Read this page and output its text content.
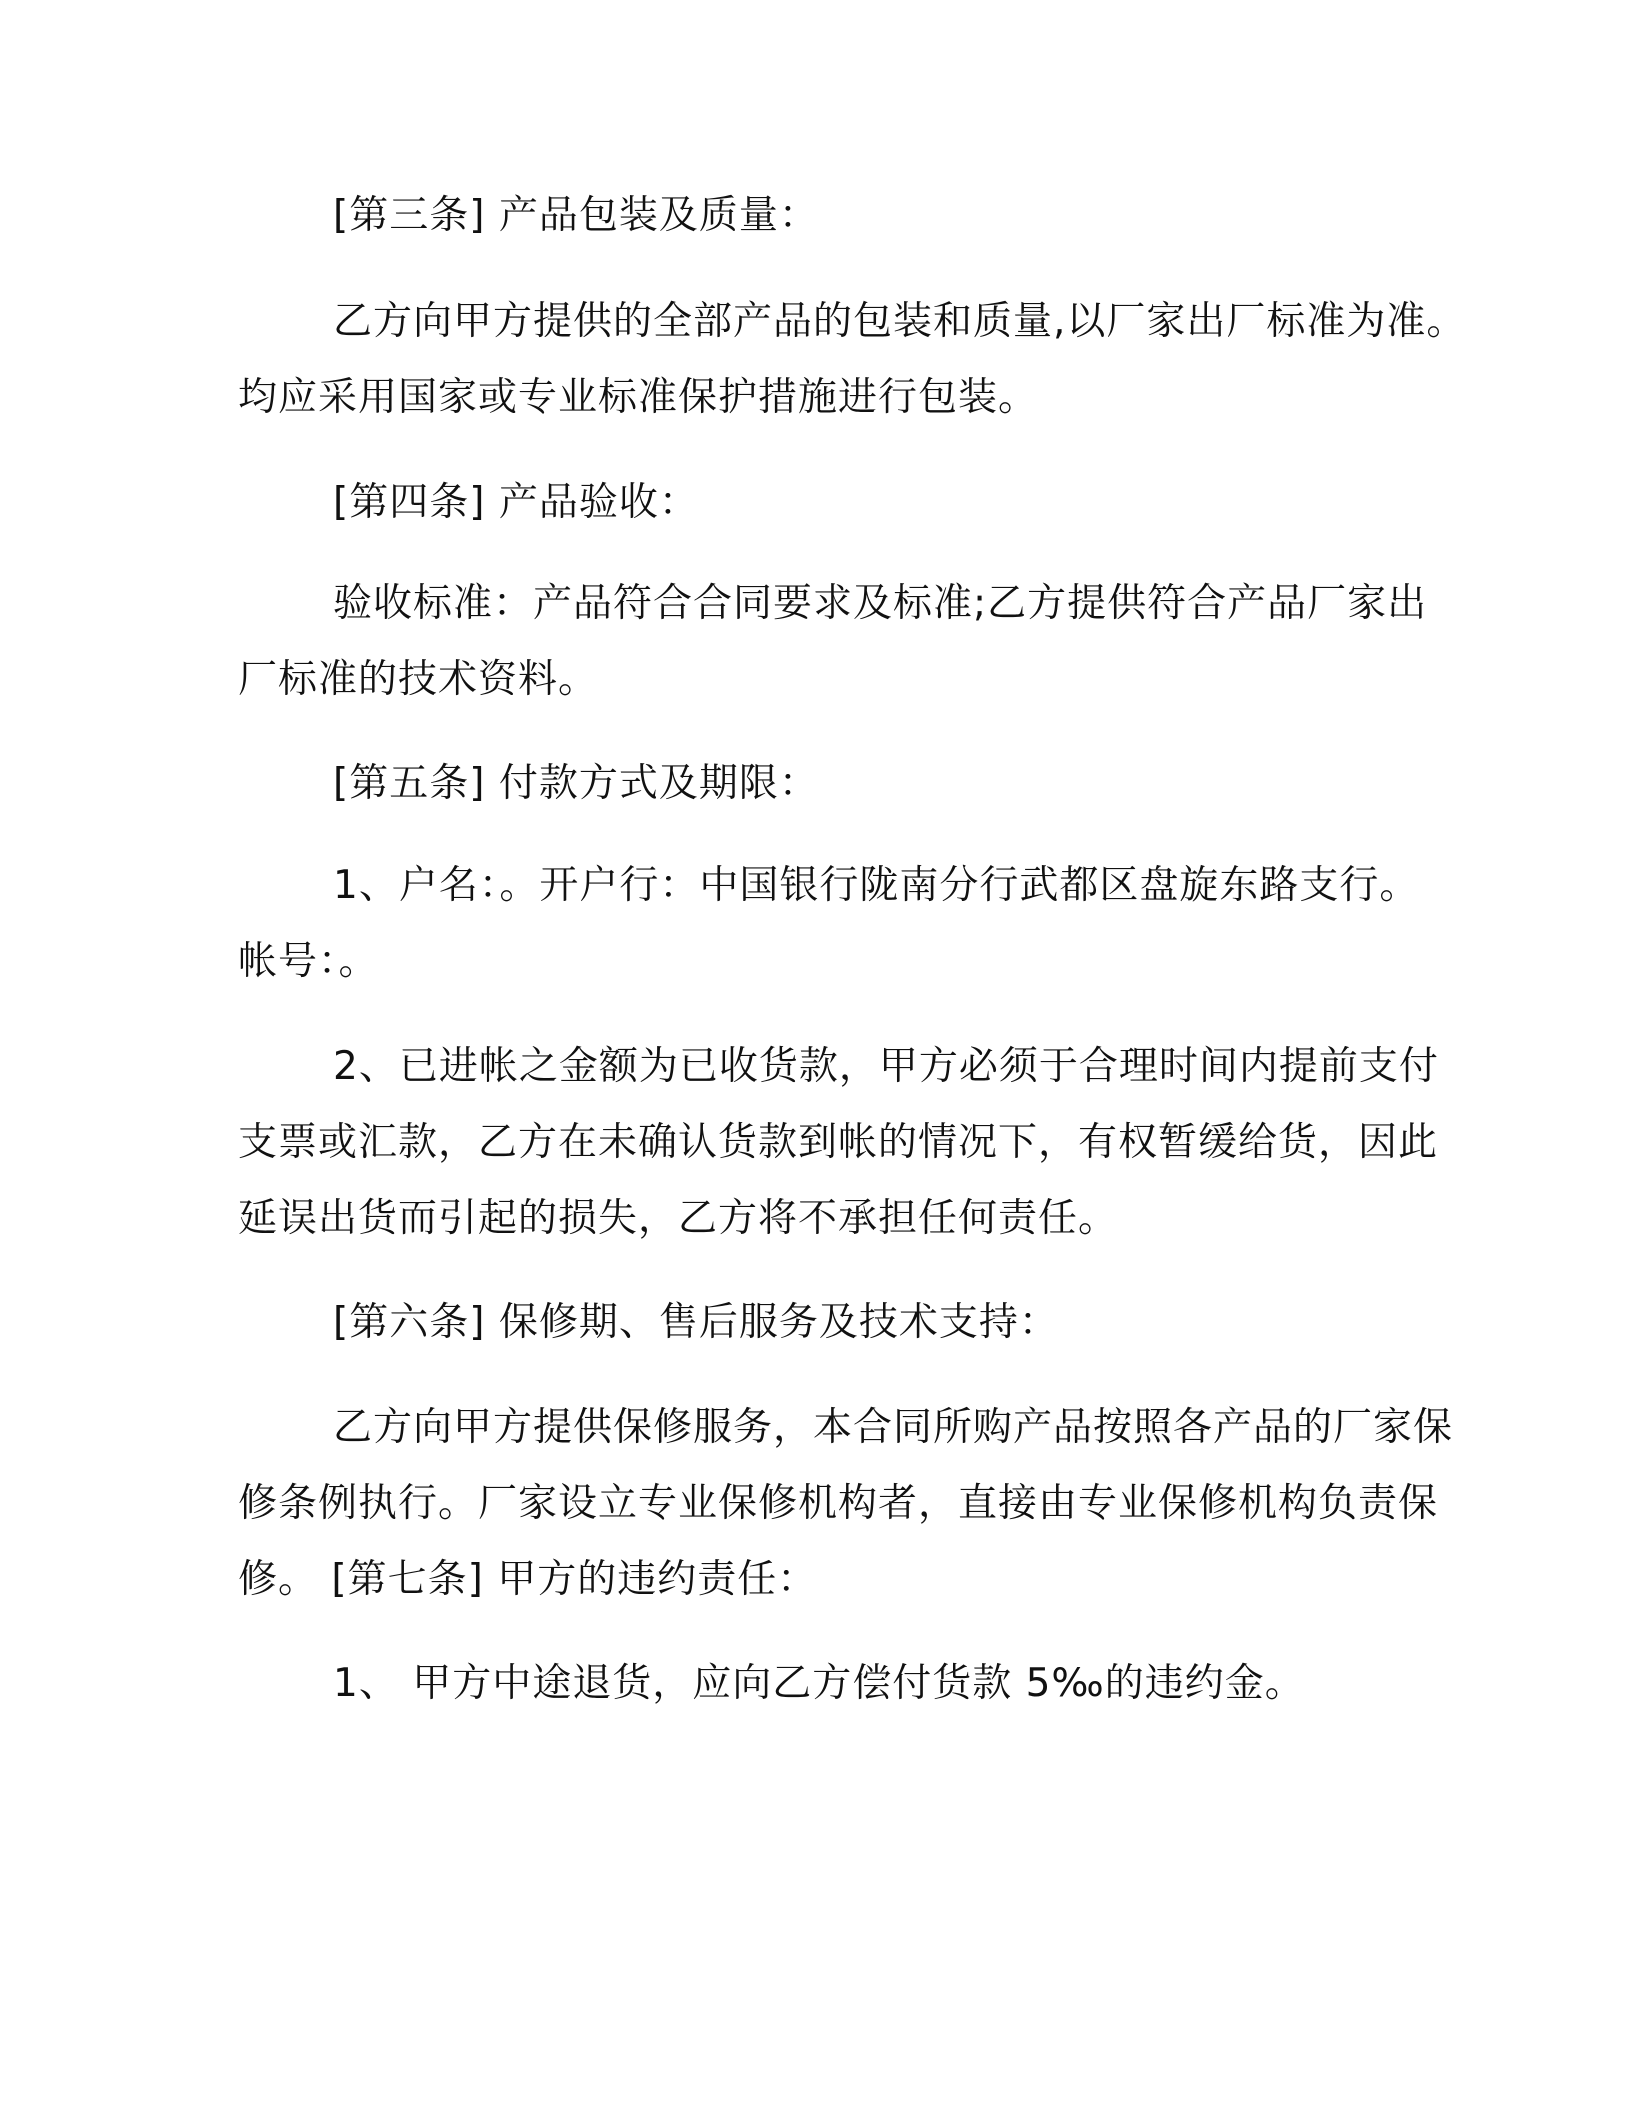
[第三条] 产品包装及质量：
乙方向甲方提供的全部产品的包装和质量,以厂家出厂标准为准。
均应采用国家或专业标准保护措施进行包装。
[第四条] 产品验收：
验收标准：产品符合合同要求及标准;乙方提供符合产品厂家出
厂标准的技术资料。
[第五条] 付款方式及期限：
1、户名：。开户行：中国银行陇南分行武都区盘旋东路支行。
帐号：。
2、已进帐之金额为已收货款，甲方必须于合理时间内提前支付
支票或汇款，乙方在未确认货款到帐的情况下，有权暂缓给货，因此
延误出货而引起的损失，乙方将不承担任何责任。
[第六条] 保修期、售后服务及技术支持：
乙方向甲方提供保修服务，本合同所购产品按照各产品的厂家保
修条例执行。厂家设立专业保修机构者，直接由专业保修机构负责保
修。 [第七条] 甲方的违约责任：
1、 甲方中途退货，应向乙方偿付货款 5‰的违约金。
